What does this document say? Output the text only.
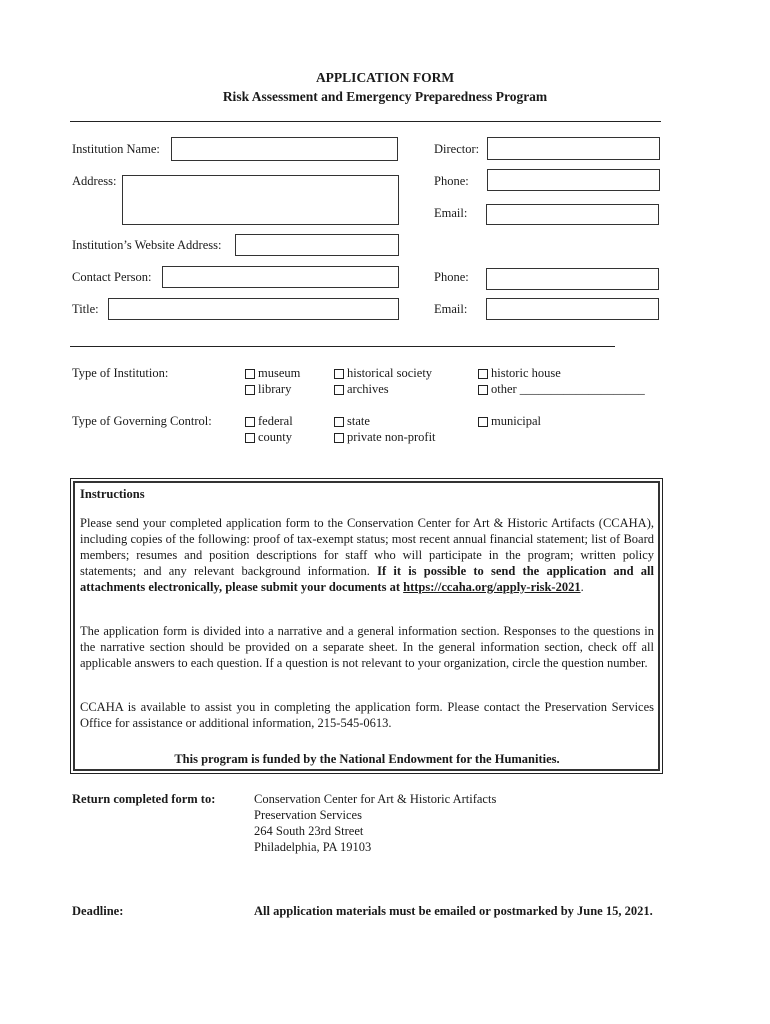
APPLICATION FORM
Risk Assessment and Emergency Preparedness Program
Institution Name:	Director:
Address:	Phone:
Email:
Institution’s Website Address:
Contact Person:	Phone:
Title:	Email:
Type of Institution:	museum	historical society	historic house
library	archives	other ____________________
Type of Governing Control:	federal	state	municipal
county	private non-profit
Instructions
Please send your completed application form to the Conservation Center for Art & Historic Artifacts (CCAHA), including copies of the following: proof of tax-exempt status; most recent annual financial statement; list of Board members; resumes and position descriptions for staff who will participate in the program; written policy statements; and any relevant background information. If it is possible to send the application and all attachments electronically, please submit your documents at https://ccaha.org/apply-risk-2021.
The application form is divided into a narrative and a general information section. Responses to the questions in the narrative section should be provided on a separate sheet. In the general information section, check off all applicable answers to each question. If a question is not relevant to your organization, circle the question number.
CCAHA is available to assist you in completing the application form. Please contact the Preservation Services Office for assistance or additional information, 215-545-0613.
This program is funded by the National Endowment for the Humanities.
Return completed form to:	Conservation Center for Art & Historic Artifacts
Preservation Services
264 South 23rd Street
Philadelphia, PA 19103
Deadline:	All application materials must be emailed or postmarked by June 15, 2021.
